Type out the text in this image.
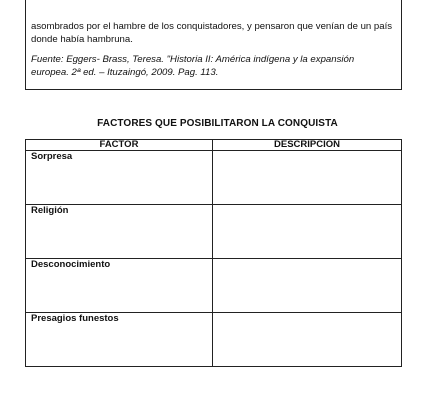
asombrados por el hambre de los conquistadores, y pensaron que venían de un país donde había hambruna.

Fuente: Eggers- Brass, Teresa. "Historia II: América indígena y la expansión europea. 2ª ed. – Ituzaingó, 2009. Pag. 113.

FACTORES QUE POSIBILITARON LA CONQUISTA
FACTOR	DESCRIPCION
Sorpresa	
Religión	
Desconocimiento	
Presagios funestos	
